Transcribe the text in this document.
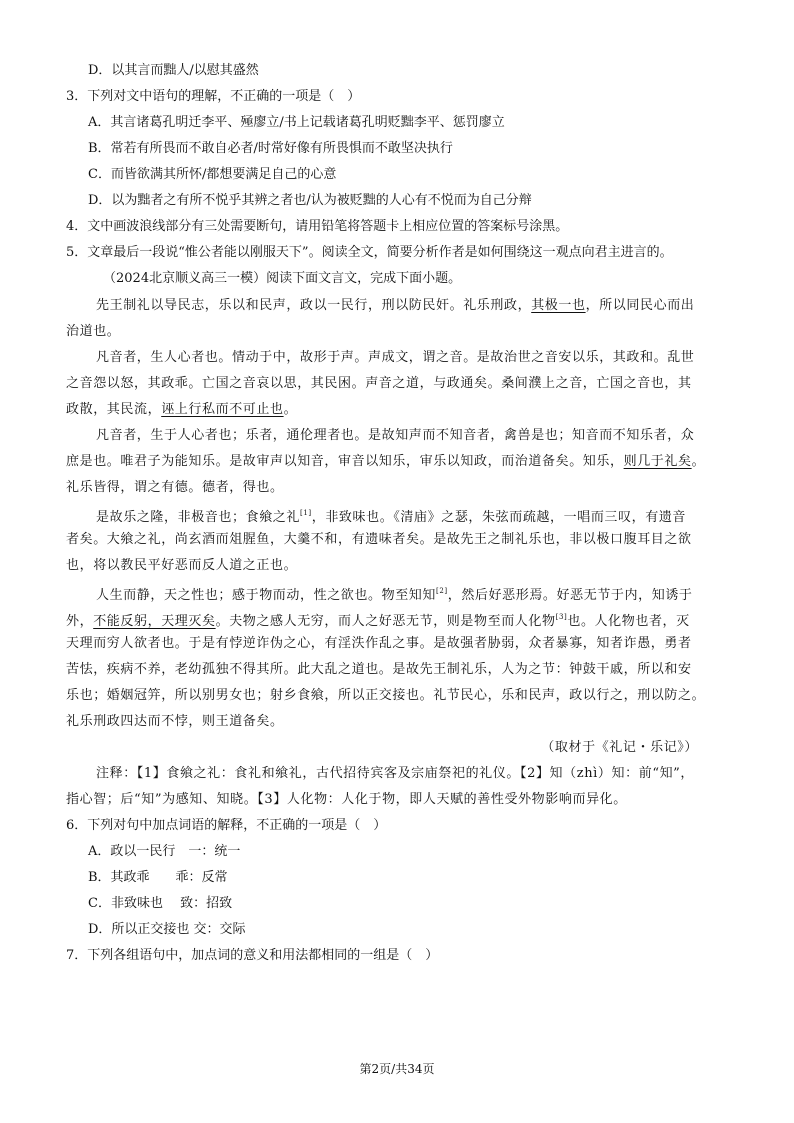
D．以其言而黜人/以慰其盛然
3．下列对文中语句的理解，不正确的一项是（　）
A．其言诸葛孔明迁李平、殛廖立/书上记载诸葛孔明贬黜李平、惩罚廖立
B．常若有所畏而不敢自必者/时常好像有所畏惧而不敢坚决执行
C．而皆欲满其所怀/都想要满足自己的心意
D．以为黜者之有所不悦乎其辨之者也/认为被贬黜的人心有不悦而为自己分辩
4．文中画波浪线部分有三处需要断句，请用铅笔将答题卡上相应位置的答案标号涂黑。
5．文章最后一段说“惟公者能以刚服天下”。阅读全文，简要分析作者是如何围绕这一观点向君主进言的。
（2024北京顺义高三一模）阅读下面文言文，完成下面小题。
先王制礼以导民志，乐以和民声，政以一民行，刑以防民奸。礼乐刑政，其极一也，所以同民心而出
治道也。
凡音者，生人心者也。情动于中，故形于声。声成文，谓之音。是故治世之音安以乐，其政和。乱世
之音怨以怒，其政乖。亡国之音哀以思，其民困。声音之道，与政通矣。桑间濮上之音，亡国之音也，其
政散，其民流，诬上行私而不可止也。
凡音者，生于人心者也；乐者，通伦理者也。是故知声而不知音者，禽兽是也；知音而不知乐者，众
庶是也。唯君子为能知乐。是故审声以知音，审音以知乐，审乐以知政，而治道备矣。知乐，则几于礼矣。
礼乐皆得，谓之有德。德者，得也。
是故乐之隆，非极音也；食飨之礼[1]，非致味也。《清庙》之瑟，朱弦而疏越，一唱而三叹，有遗音
者矣。大飨之礼，尚玄酒而俎腥鱼，大羹不和，有遗味者矣。是故先王之制礼乐也，非以极口腹耳目之欲
也，将以教民平好恶而反人道之正也。
人生而静，天之性也；感于物而动，性之欲也。物至知知[2]，然后好恶形焉。好恶无节于内，知诱于
外，不能反躬，天理灭矣。夫物之感人无穷，而人之好恶无节，则是物至而人化物[3]也。人化物也者，灭
天理而穷人欲者也。于是有悖逆诈伪之心，有淫泆作乱之事。是故强者胁弱，众者暴寡，知者诈愚，勇者
苦怯，疾病不养，老幼孤独不得其所。此大乱之道也。是故先王制礼乐，人为之节：钟鼓干戚，所以和安
乐也；婚姻冠笄，所以别男女也；射乡食飨，所以正交接也。礼节民心，乐和民声，政以行之，刑以防之。
礼乐刑政四达而不悖，则王道备矣。
（取材于《礼记・乐记》）
注释：【1】食飨之礼：食礼和飨礼，古代招待宾客及宗庙祭祀的礼仪。【2】知（zhì）知：前“知”，
指心智；后“知”为感知、知晓。【3】人化物：人化于物，即人天赋的善性受外物影响而异化。
6．下列对句中加点词语的解释，不正确的一项是（　）
A．政以一民行　一：统一
B．其政乖　　乖：反常
C．非致味也　 致：招致
D．所以正交接也 交：交际
7．下列各组语句中，加点词的意义和用法都相同的一组是（　）
第2页/共34页
